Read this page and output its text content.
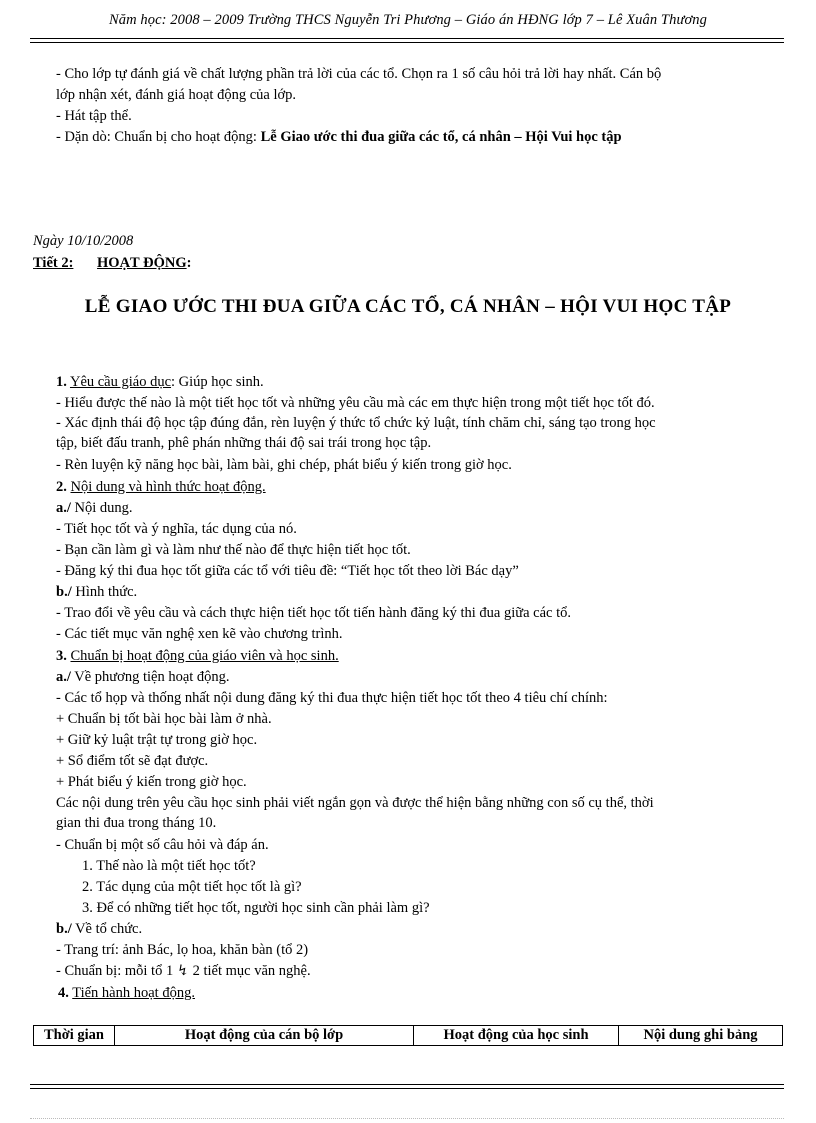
Năm học: 2008 – 2009 Trường THCS Nguyễn Tri Phương – Giáo án HĐNG lớp 7 – Lê Xuân Thương
- Cho lớp tự đánh giá về chất lượng phần trả lời của các tổ. Chọn ra 1 số câu hỏi trả lời hay nhất. Cán bộ
lớp nhận xét, đánh giá hoạt động của lớp.
- Hát tập thể.
- Dặn dò: Chuẩn bị cho hoạt động: Lễ Giao ước thi đua giữa các tổ, cá nhân – Hội Vui học tập
Ngày 10/10/2008
Tiết 2: HOẠT ĐỘNG:
LỄ GIAO ƯỚC THI ĐUA GIỮA CÁC TỔ, CÁ NHÂN – HỘI VUI HỌC TẬP
1. Yêu cầu giáo dục: Giúp học sinh.
- Hiểu được thế nào là một tiết học tốt và những yêu cầu mà các em thực hiện trong một tiết học tốt đó.
- Xác định thái độ học tập đúng đắn, rèn luyện ý thức tổ chức kỷ luật, tính chăm chỉ, sáng tạo trong học
tập, biết đấu tranh, phê phán những thái độ sai trái trong học tập.
- Rèn luyện kỹ năng học bài, làm bài, ghi chép, phát biểu ý kiến trong giờ học.
2. Nội dung và hình thức hoạt động.
a./ Nội dung.
- Tiết học tốt và ý nghĩa, tác dụng của nó.
- Bạn cần làm gì và làm như thế nào để thực hiện tiết học tốt.
- Đăng ký thi đua học tốt giữa các tổ với tiêu đề: “Tiết học tốt theo lời Bác dạy”
b./ Hình thức.
- Trao đổi về yêu cầu và cách thực hiện tiết học tốt tiến hành đăng ký thi đua giữa các tổ.
- Các tiết mục văn nghệ xen kẽ vào chương trình.
3. Chuẩn bị hoạt động của giáo viên và học sinh.
a./ Về phương tiện hoạt động.
- Các tổ họp và thống nhất nội dung đăng ký thi đua thực hiện tiết học tốt theo 4 tiêu chí chính:
+ Chuẩn bị tốt bài học bài làm ở nhà.
+ Giữ kỷ luật trật tự trong giờ học.
+ Sổ điểm tốt sẽ đạt được.
+ Phát biểu ý kiến trong giờ học.
Các nội dung trên yêu cầu học sinh phải viết ngắn gọn và được thể hiện bằng những con số cụ thể, thời
gian thi đua trong tháng 10.
- Chuẩn bị một số câu hỏi và đáp án.
1. Thế nào là một tiết học tốt?
2. Tác dụng của một tiết học tốt là gì?
3. Để có những tiết học tốt, người học sinh cần phải làm gì?
b./ Về tổ chức.
- Trang trí: ảnh Bác, lọ hoa, khăn bàn (tổ 2)
- Chuẩn bị: mỗi tổ 1 ↯ 2 tiết mục văn nghệ.
4. Tiến hành hoạt động.
Thời gian	Hoạt động của cán bộ lớp	Hoạt động của học sinh	Nội dung ghi bảng
